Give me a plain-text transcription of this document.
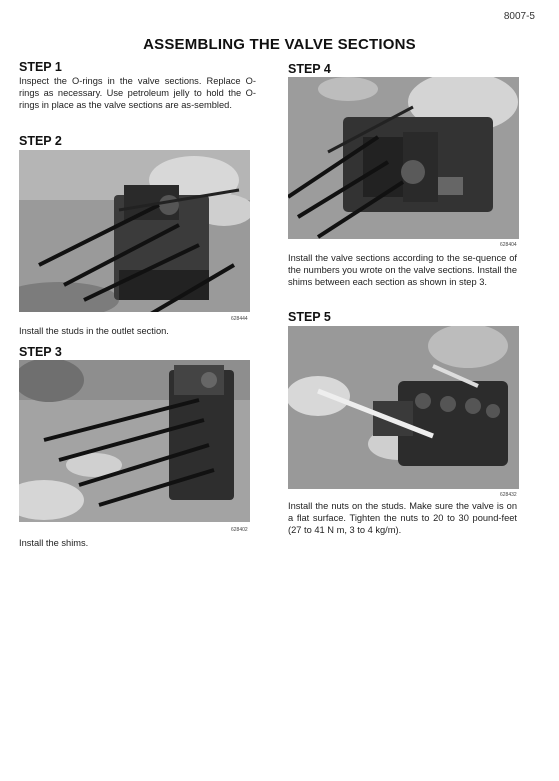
8007-5
ASSEMBLING THE VALVE SECTIONS
STEP 1
Inspect the O-rings in the valve sections. Replace O-rings as necessary. Use petroleum jelly to hold the O-rings in place as the valve sections are as-sembled.
STEP 2
628444
Install the studs in the outlet section.
STEP 3
628402
Install the shims.
STEP 4
628404
Install the valve sections according to the se-quence of the numbers you wrote on the valve sections. Install the shims between each section as shown in step 3.
STEP 5
628432
Install the nuts on the studs. Make sure the valve is on a flat surface. Tighten the nuts to 20 to 30 pound-feet (27 to 41 N m, 3 to 4 kg/m).
